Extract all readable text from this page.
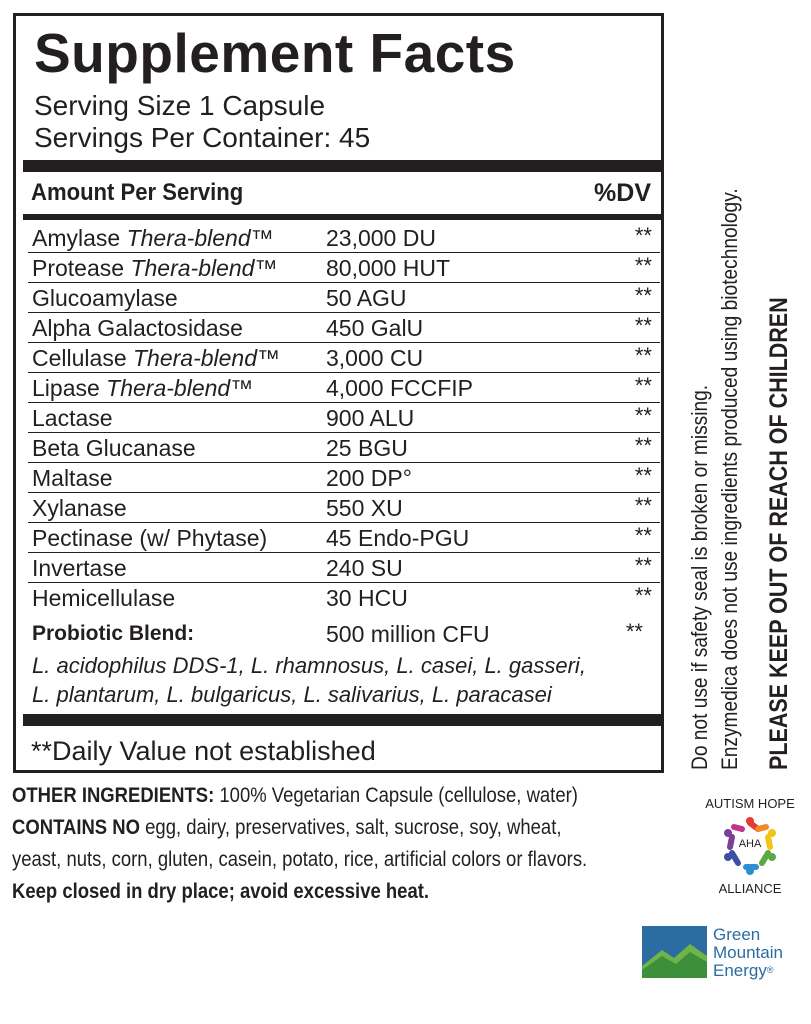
Supplement Facts
Serving Size 1 Capsule
Servings Per Container: 45
Amount Per Serving	%DV
Amylase Thera-blend™ 23,000 DU	**
Protease Thera-blend™ 80,000 HUT	**
Glucoamylase	50 AGU	**
Alpha Galactosidase	450 GalU	**
Cellulase Thera-blend™ 3,000 CU	**
Lipase Thera-blend™	4,000 FCCFIP	**
Lactase	900 ALU	**
Beta Glucanase	25 BGU	**
Maltase	200 DP°	**
Xylanase	550 XU	**
Pectinase (w/ Phytase)	45 Endo-PGU	**
Invertase	240 SU	**
Hemicellulase	30 HCU	**
Probiotic Blend:	500 million CFU	**
L. acidophilus DDS-1, L. rhamnosus, L. casei, L. gasseri,
L. plantarum, L. bulgaricus, L. salivarius, L. paracasei
**Daily Value not established	PLEASE KEEP OUT OF REACH OF CHILDREN
Enzymedica does not use ingredients produced using biotechnology.
Do not use if safety seal is broken or missing.
OTHER INGREDIENTS: 100% Vegetarian Capsule (cellulose, water)
CONTAINS NO egg, dairy, preservatives, salt, sucrose, soy, wheat,
yeast, nuts, corn, gluten, casein, potato, rice, artificial colors or flavors.
Keep closed in dry place; avoid excessive heat.
AUTISM HOPE
AHA
ALLIANCE
Green
Mountain
Energy®
